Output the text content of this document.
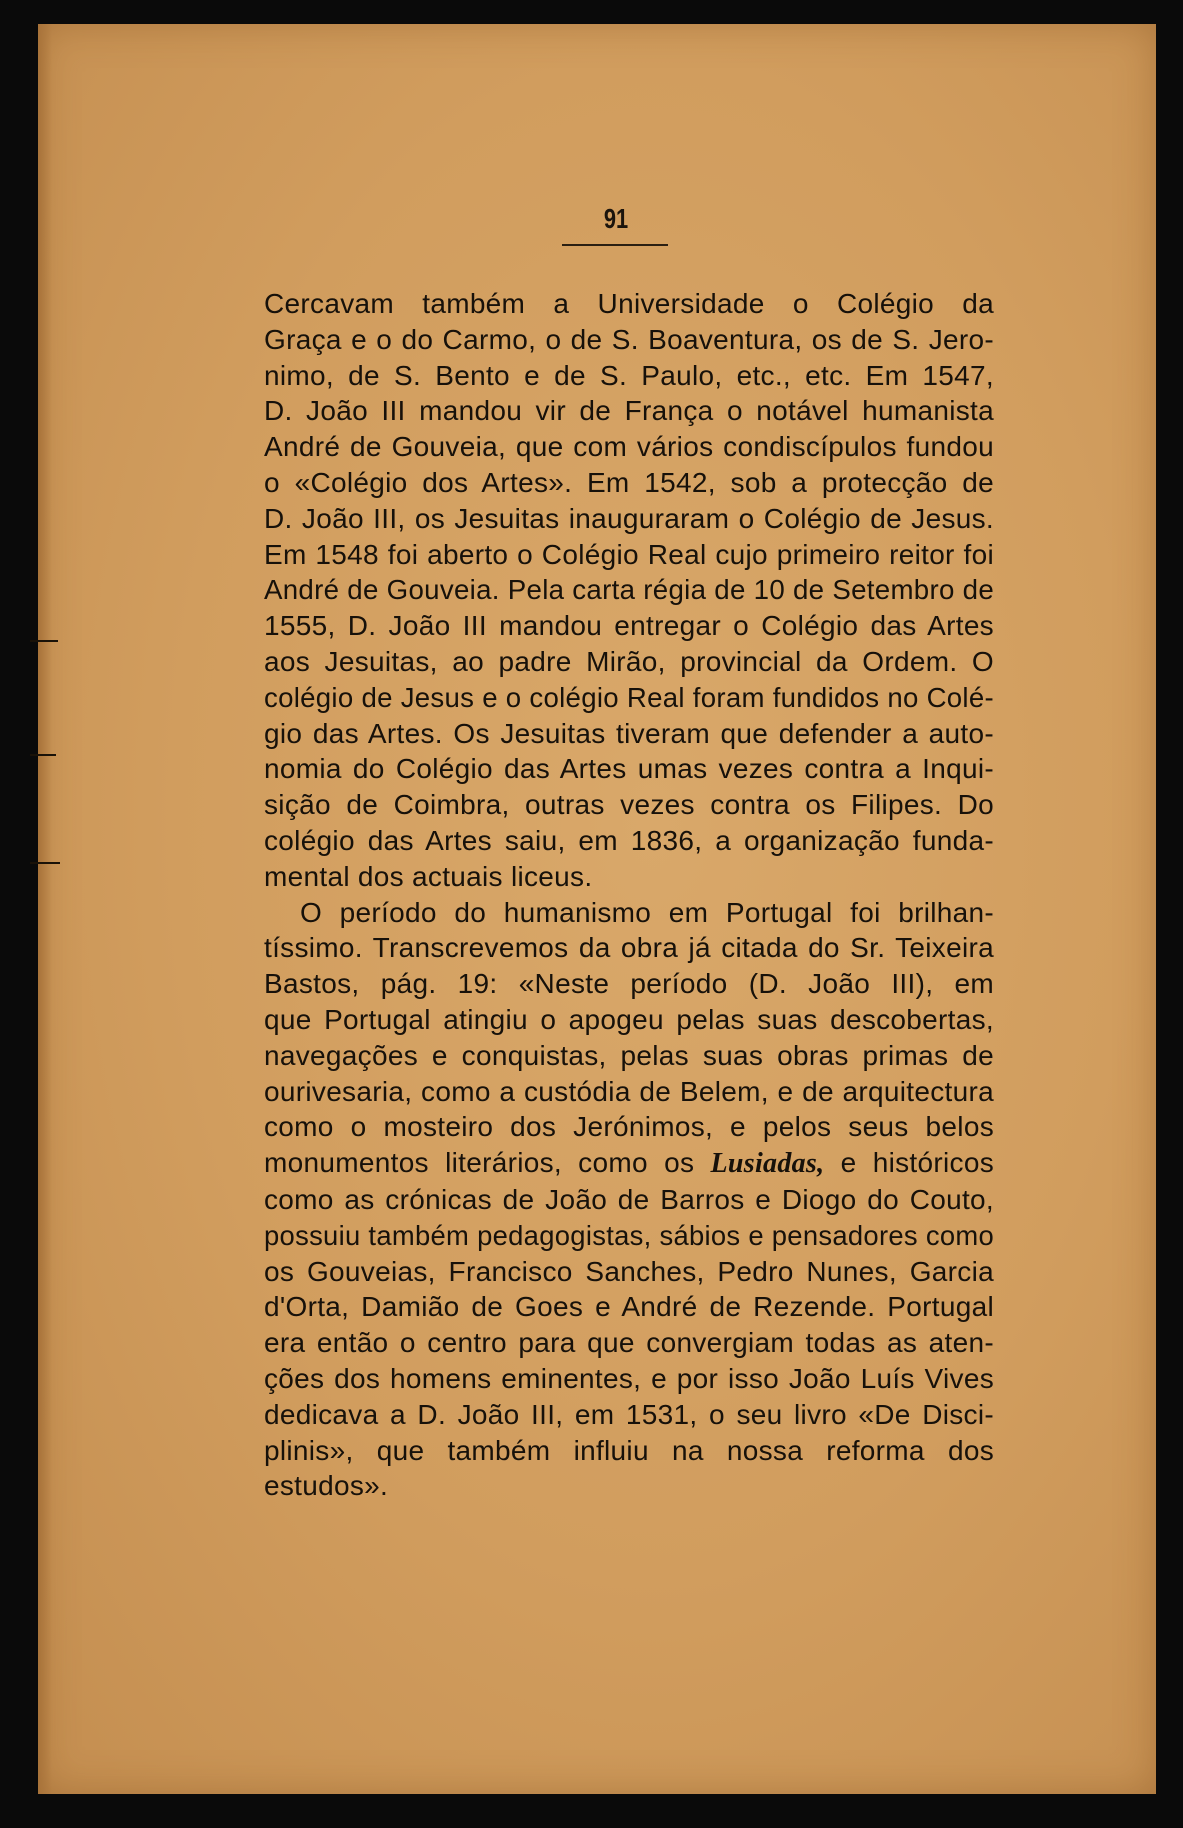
91

Cercavam também a Universidade o Colégio da
Graça e o do Carmo, o de S. Boaventura, os de S. Jero-
nimo, de S. Bento e de S. Paulo, etc., etc. Em 1547,
D. João III mandou vir de França o notável humanista
André de Gouveia, que com vários condiscípulos fundou
o «Colégio dos Artes». Em 1542, sob a protecção de
D. João III, os Jesuitas inauguraram o Colégio de Jesus.
Em 1548 foi aberto o Colégio Real cujo primeiro reitor foi
André de Gouveia. Pela carta régia de 10 de Setembro de
1555, D. João III mandou entregar o Colégio das Artes
aos Jesuitas, ao padre Mirão, provincial da Ordem. O
colégio de Jesus e o colégio Real foram fundidos no Colé-
gio das Artes. Os Jesuitas tiveram que defender a auto-
nomia do Colégio das Artes umas vezes contra a Inqui-
sição de Coimbra, outras vezes contra os Filipes. Do
colégio das Artes saiu, em 1836, a organização funda-
mental dos actuais liceus.

O período do humanismo em Portugal foi brilhan-
tíssimo. Transcrevemos da obra já citada do Sr. Teixeira
Bastos, pág. 19: «Neste período (D. João III), em
que Portugal atingiu o apogeu pelas suas descobertas,
navegações e conquistas, pelas suas obras primas de
ourivesaria, como a custódia de Belem, e de arquitectura
como o mosteiro dos Jerónimos, e pelos seus belos
monumentos literários, como os Lusiadas, e históricos
como as crónicas de João de Barros e Diogo do Couto,
possuiu também pedagogistas, sábios e pensadores como
os Gouveias, Francisco Sanches, Pedro Nunes, Garcia
d'Orta, Damião de Goes e André de Rezende. Portugal
era então o centro para que convergiam todas as aten-
ções dos homens eminentes, e por isso João Luís Vives
dedicava a D. João III, em 1531, o seu livro «De Disci-
plinis», que também influiu na nossa reforma dos
estudos».
